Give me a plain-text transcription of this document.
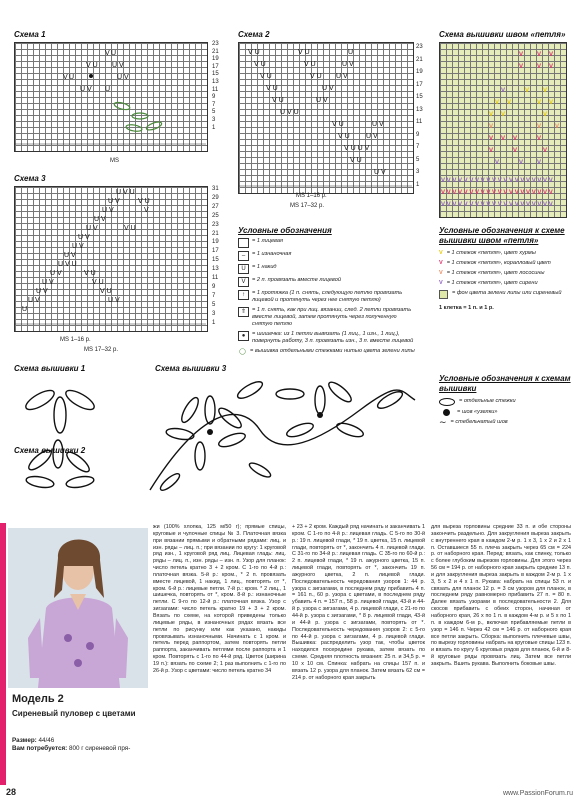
Схема 1
23
21
19
17
15
13
11
9
7
5
3
1
V U
V U U V
V U	U V
U V U
MS
Схема 2
23
21
19
17
15
13
11
9
7
5
3
1
V U	V U	U
V U	V U	U V
V U	V U U V
V U	U V
V U	U V
U V U
V U	U V
V U U V
V U U V
V U
U V
MS 1–16 р.
MS 17–32 р.
Схема 3
31
29
27
25
23
21
19
17
15
13
11
9
7
5
3
1
U V U
U V	V U
U V	V
U V
U V	V U
U V
U V
U V
U V U
U V	V U
U V	V U
U V	V U
U V	U V
U
MS 1–16 р.
MS 17–32 р.
Схема вышивки швом «петля»
V V V
V V V
V	V V
V V	V V
V V	V
V	V V
V V V	V
V	V	V
V	V V
V V V V V V V V V V V V V V V V V V V V
V V V V V V V V V V V V V V V V V V V V
V V V V V V V V V V V V V V V V V V V V
Условные обозначения
= 1 лицевая
–	= 1 изнаночная
U	= 1 накид
V	= 2 п. провязать вместе лицевой
↑	= 1 протяжка (1 п. снять, следующую петлю провязать лицевой и протянуть через нее снятую петлю)
⇑	= 1 п. снять, как при лиц. вязании, след. 2 петли провязать вместе лицевой, затем протянуть через полученную снятую петлю
●	= шишечка: из 1 петли вывязать (1 лиц., 1 изн., 1 лиц.), повернуть работу, 3 п. провязать изн., 3 п. вместе лицевой
◯ = вышивка отдельными стежками нитью цвета зелени липы
Условные обозначения к схеме вышивки швом «петля»
V = 1 стежок «петля», цвет хурмы
V = 1 стежок «петля», коралловый цвет
V = 1 стежок «петля», цвет лососины
V = 1 стежок «петля», цвет сирени
= фон цвета зелени липы или сиреневый
1 клетка = 1 п. и 1 р.
Схема вышивки 1	Схема вышивки 3
Схема вышивки 2
Условные обозначения к схемам вышивки
= отдельные стежки
= шов «узелки»
∼ = стебельчатый шов
Модель 2
Сиреневый пуловер с цветами
Размер: 44/46
Вам потребуется: 800 г сиреневой пря-

жи (100% хлопка, 125 м/50 г); прямые спицы, круговые и чулочные спицы № 3. Платочная вязка при вязании прямыми и обратными рядами: лиц. и изн. ряды – лиц. п.; при вязании по кругу: 1 круговой ряд изн., 1 круговой ряд лиц. Лицевая гладь: лиц. ряды – лиц. п., изн. ряды – изн. п. Узор для планок: число петель кратно 3 + 2 кром. С 1-го по 4-й р.: платочная вязка. 5-й р.: кром., * 2 п. провязать вместе лицевой, 1 накид, 1 лиц., повторять от *, кром. 6-й р.: лицевые петли. 7-й р.: кром. * 2 лиц., 1 шишечка, повторять от *, кром. 8-й р.: изнаночные петли. С 9-го по 12-й р.: платочная вязка. Узор с зигзагами: число петель кратно 19 + 3 + 2 кром. Вязать по схеме, на которой приведены только лицевые ряды, в изнаночных рядах вязать все петли по рисунку или как указано, накиды провязывать изнаночными. Начинать с 1 кром. и петель перед раппортом, затем повторять петли раппорта, заканчивать петлями после раппорта и 1 кром. Повторять с 1-го по 44-й ряд. Цветок (ширина 19 п.): вязать по схеме 2; 1 раз выполнить с 1-го по 26-й р. Узор с цветами: число петель кратно 34

+ 23 + 2 кром. Каждый ряд начинать и заканчивать 1 кром. С 1-го по 4-й р.: лицевая гладь. С 5-го по 30-й р.: 19 п. лицевой глади, * 19 п. цветка, 15 п. лицевой глади, повторять от *, закончить 4 п. лицевой глади. С 31-го по 34-й р.: лицевая гладь. С 35-го по 60-й р.: 2 п. лицевой глади, * 19 п. ажурного цветка, 15 п. лицевой глади, повторять от *, закончить 19 п. ажурного цветка, 2 п. лицевой глади. Последовательность чередования узоров 1: 44 р. узора с зигзагами, в последнем ряду прибавить 4 п. = 161 п., 60 р. узора с цветами, в последнем ряду убавить 4 п. = 157 п., 58 р. лицевой глади, 43-й и 44-й р. узора с зигзагами, 4 р. лицевой глади, с 21-го по 44-й р. узора с зигзагами, * 8 р. лицевой глади, 43-й и 44-й р. узора с зигзагами, повторять от *. Последовательность чередования узоров 2: с 5-го по 44-й р. узора с зигзагами, 4 р. лицевой глади. Вышивка: распределить узор так, чтобы цветок находился посередине рукава, затем вязать по схеме. Средняя плотность вязания: 25 п. и 34,5 р. = 10 x 10 см. Спинка: набрать на спицы 157 п. и вязать 12 р. узора для планок. Затем вязать 62 см = 214 р. от наборного края закрыть

для выреза горловины средние 33 п. и обе стороны закончить раздельно. Для закругления выреза закрыть с внутреннего края в каждом 2-м р. 1 x 3, 1 x 2 и 2 x 1 п. Оставшиеся 55 п. плеча закрыть через 65 см = 224 р. от наборного края. Перед: вязать, как спинку, только с более глубоким вырезом горловины. Для этого через 56 см = 194 р. от наборного края закрыть средние 13 п. и для закругления выреза закрыть в каждом 2-м р. 1 x 3, 5 x 2 и 4 x 1 п. Рукава: набрать на спицы 53 п. и связать для планок 12 р. = 3 см узором для планок, в последнем ряду равномерно прибавить 27 п. = 80 п. Далее вязать узорами в последовательности 2. Для скосов прибавить с обеих сторон, начиная от наборного края, 26 x по 1 п. в каждом 4-м р. и 5 x по 1 п. в каждом 6-м р., включая прибавляемые петли в узор = 146 п. Через 42 см = 146 р. от наборного края все петли закрыть. Сборка: выполнить плечевые швы, по вырезу горловины набрать на круговые спицы 123 п. и вязать по кругу 6 круговых рядов для планок, 6-й и 8-й круговые ряды провязать лиц. Затем все петли закрыть. Вшить рукава. Выполнить боковые швы.

28	www.PassionForum.ru
